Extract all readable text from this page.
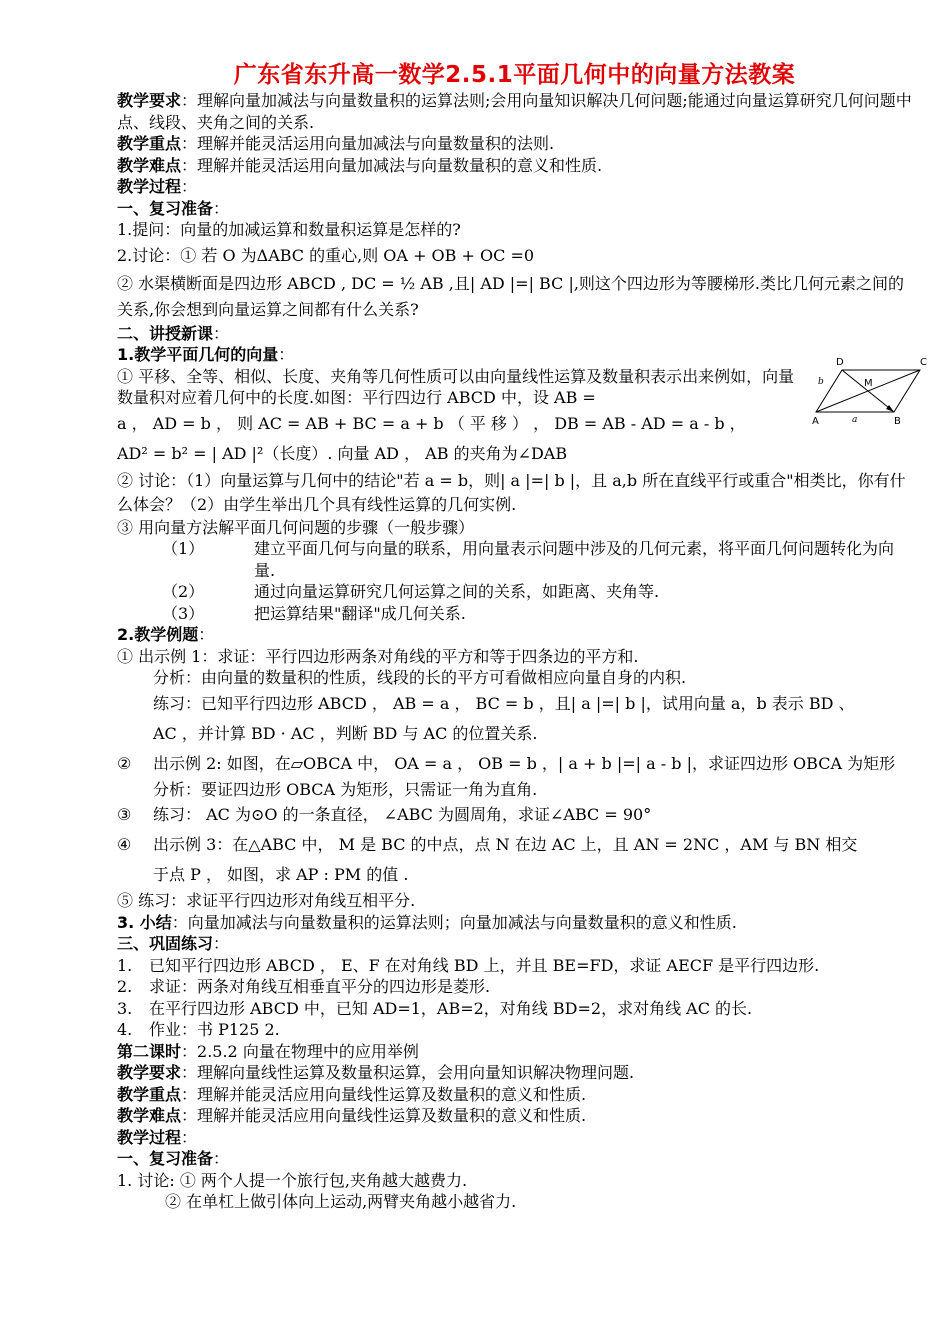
广东省东升高一数学2.5.1平面几何中的向量方法教案

教学要求：理解向量加减法与向量数量积的运算法则;会用向量知识解决几何问题;能通过向量运算研究几何问题中点、线段、夹角之间的关系.

教学重点：理解并能灵活运用向量加减法与向量数量积的法则.

教学难点：理解并能灵活运用向量加减法与向量数量积的意义和性质.

教学过程：

一、复习准备：

1.提问：向量的加减运算和数量积运算是怎样的?

2.讨论：① 若 O 为ΔABC 的重心,则 OA + OB + OC =0

② 水渠横断面是四边形 ABCD , DC = ½ AB ,且| AD |=| BC |,则这个四边形为等腰梯形.类比几何元素之间的关系,你会想到向量运算之间都有什么关系?

二、讲授新课：

1.教学平面几何的向量：

① 平移、全等、相似、长度、夹角等几何性质可以由向量线性运算及数量积表示出来例如，向量数量积对应着几何中的长度.如图：平行四边行 ABCD 中，设 AB =

a ， AD = b ， 则 AC = AB + BC = a + b （ 平 移 ） ， DB = AB - AD = a - b ，

AD² = b² = | AD |²（长度）. 向量 AD ， AB 的夹角为∠DAB

② 讨论：（1）向量运算与几何中的结论"若 a = b，则| a |=| b |，且 a,b 所在直线平行或重合"相类比，你有什么体会？（2）由学生举出几个具有线性运算的几何实例.

③ 用向量方法解平面几何问题的步骤（一般步骤）

（1）	建立平面几何与向量的联系，用向量表示问题中涉及的几何元素，将平面几何问题转化为向量.
（2）	通过向量运算研究几何运算之间的关系，如距离、夹角等.
（3）	把运算结果"翻译"成几何关系.

2.教学例题：

① 出示例 1：求证：平行四边形两条对角线的平方和等于四条边的平方和.

分析：由向量的数量积的性质，线段的长的平方可看做相应向量自身的内积.

练习：已知平行四边形 ABCD ， AB = a ， BC = b ，且| a |=| b |，试用向量 a，b 表示 BD 、

AC ，并计算 BD · AC ，判断 BD 与 AC 的位置关系.

②	出示例 2: 如图，在▱OBCA 中， OA = a ， OB = b ，| a + b |=| a - b |，求证四边形 OBCA 为矩形

分析：要证四边形 OBCA 为矩形，只需证一角为直角.

③	练习： AC 为⊙O 的一条直径， ∠ABC 为圆周角，求证∠ABC = 90°
④	出示例 3：在△ABC 中， M 是 BC 的中点，点 N 在边 AC 上，且 AN = 2NC ，AM 与 BN 相交

于点 P ， 如图，求 AP : PM 的值 .

⑤ 练习：求证平行四边形对角线互相平分.

3. 小结：向量加减法与向量数量积的运算法则；向量加减法与向量数量积的意义和性质.

三、巩固练习：

1.	已知平行四边形 ABCD ， E、F 在对角线 BD 上，并且 BE=FD，求证 AECF 是平行四边形.
2.	求证：两条对角线互相垂直平分的四边形是菱形.
3.	在平行四边形 ABCD 中，已知 AD=1，AB=2，对角线 BD=2，求对角线 AC 的长.
4.	作业：书 P125 2.

第二课时：2.5.2 向量在物理中的应用举例

教学要求：理解向量线性运算及数量积运算，会用向量知识解决物理问题.

教学重点：理解并能灵活应用向量线性运算及数量积的意义和性质.

教学难点：理解并能灵活应用向量线性运算及数量积的意义和性质.

教学过程：

一、复习准备：

1. 讨论: ① 两个人提一个旅行包,夹角越大越费力.

② 在单杠上做引体向上运动,两臂夹角越小越省力.

D	C
A	B
M
b
a
